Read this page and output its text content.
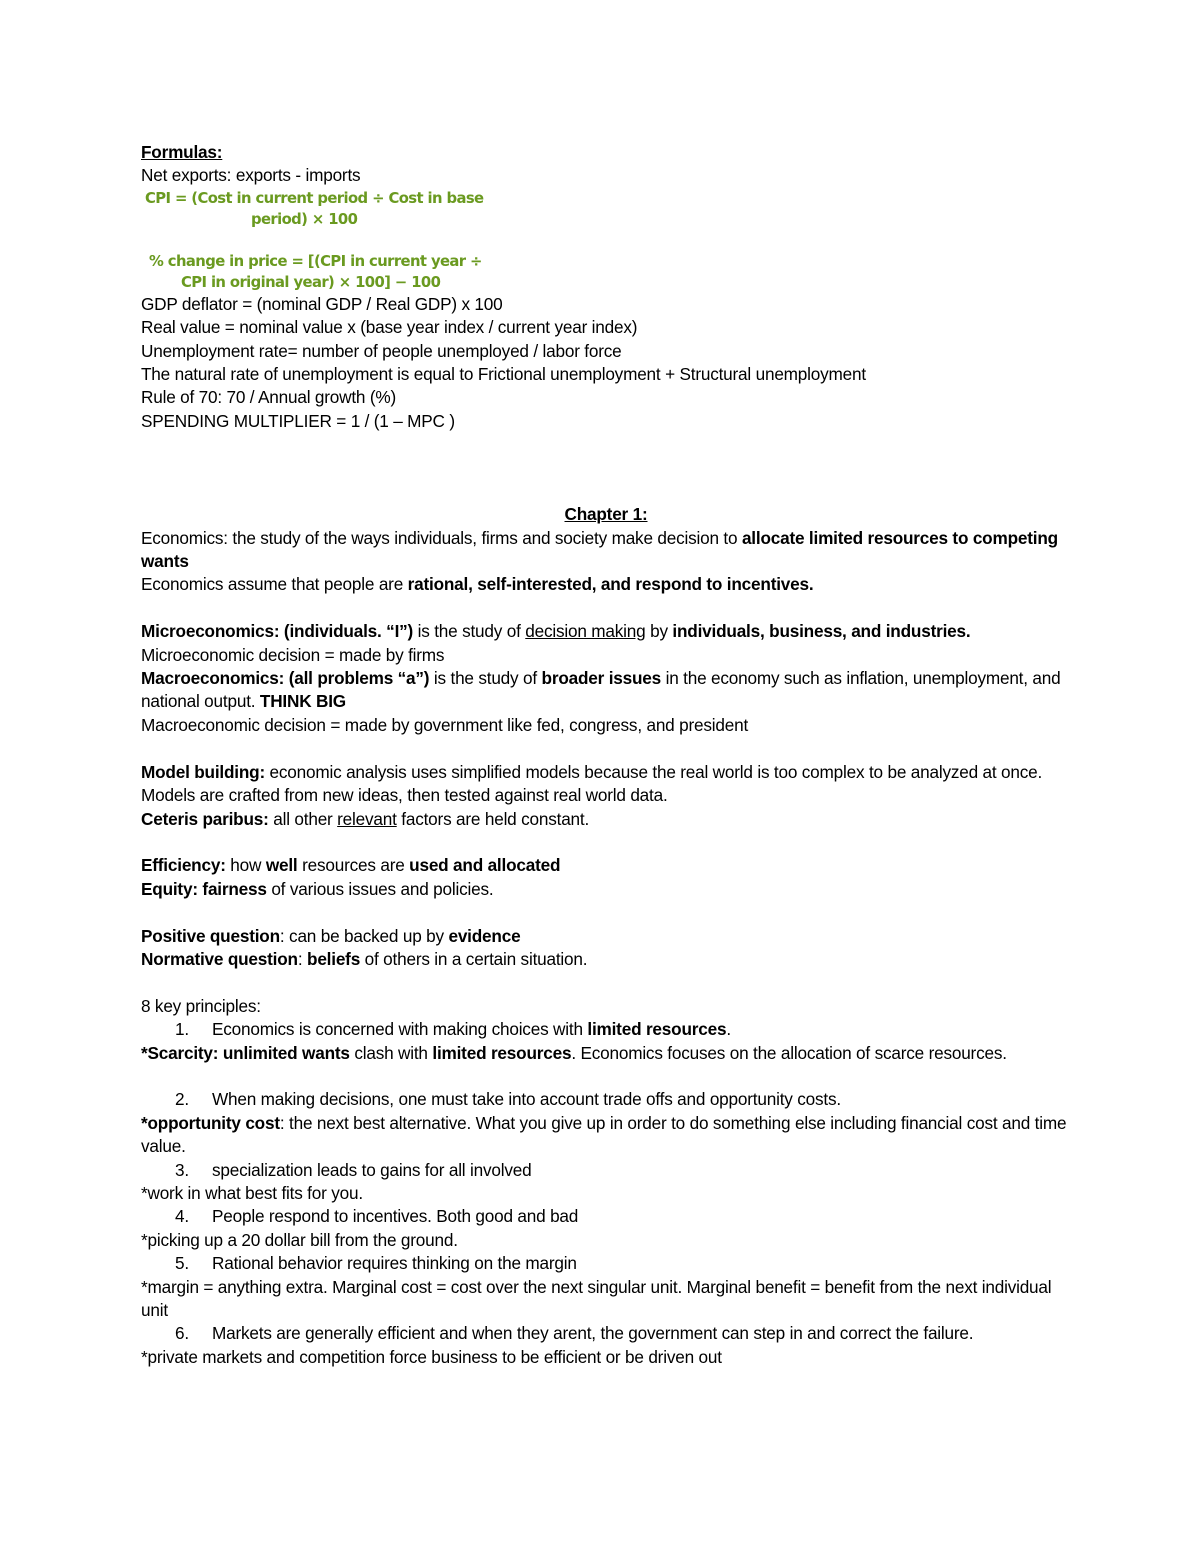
Formulas:

Net exports: exports - imports

CPI = (Cost in current period ÷ Cost in base

period) × 100

% change in price = [(CPI in current year ÷

CPI in original year) × 100] − 100

GDP deflator = (nominal GDP / Real GDP) x 100

Real value = nominal value x (base year index / current year index)

Unemployment rate= number of people unemployed / labor force

The natural rate of unemployment is equal to Frictional unemployment + Structural unemployment

Rule of 70: 70 / Annual growth (%)

SPENDING MULTIPLIER = 1 / (1 – MPC )

Chapter 1:

Economics: the study of the ways individuals, firms and society make decision to allocate limited resources to competing wants

Economics assume that people are rational, self-interested, and respond to incentives.

Microeconomics: (individuals. “I”) is the study of decision making by individuals, business, and industries.

Microeconomic decision = made by firms

Macroeconomics: (all problems “a”) is the study of broader issues in the economy such as inflation, unemployment, and national output. THINK BIG

Macroeconomic decision = made by government like fed, congress, and president

Model building: economic analysis uses simplified models because the real world is too complex to be analyzed at once.

Models are crafted from new ideas, then tested against real world data.

Ceteris paribus: all other relevant factors are held constant.

Efficiency: how well resources are used and allocated

Equity: fairness of various issues and policies.

Positive question: can be backed up by evidence

Normative question: beliefs of others in a certain situation.

8 key principles:

1. Economics is concerned with making choices with limited resources.

*Scarcity: unlimited wants clash with limited resources. Economics focuses on the allocation of scarce resources.

2. When making decisions, one must take into account trade offs and opportunity costs.

*opportunity cost: the next best alternative. What you give up in order to do something else including financial cost and time value.

3. specialization leads to gains for all involved

*work in what best fits for you.

4. People respond to incentives. Both good and bad

*picking up a 20 dollar bill from the ground.

5. Rational behavior requires thinking on the margin

*margin = anything extra. Marginal cost = cost over the next singular unit. Marginal benefit = benefit from the next individual unit

6. Markets are generally efficient and when they arent, the government can step in and correct the failure.

*private markets and competition force business to be efficient or be driven out
